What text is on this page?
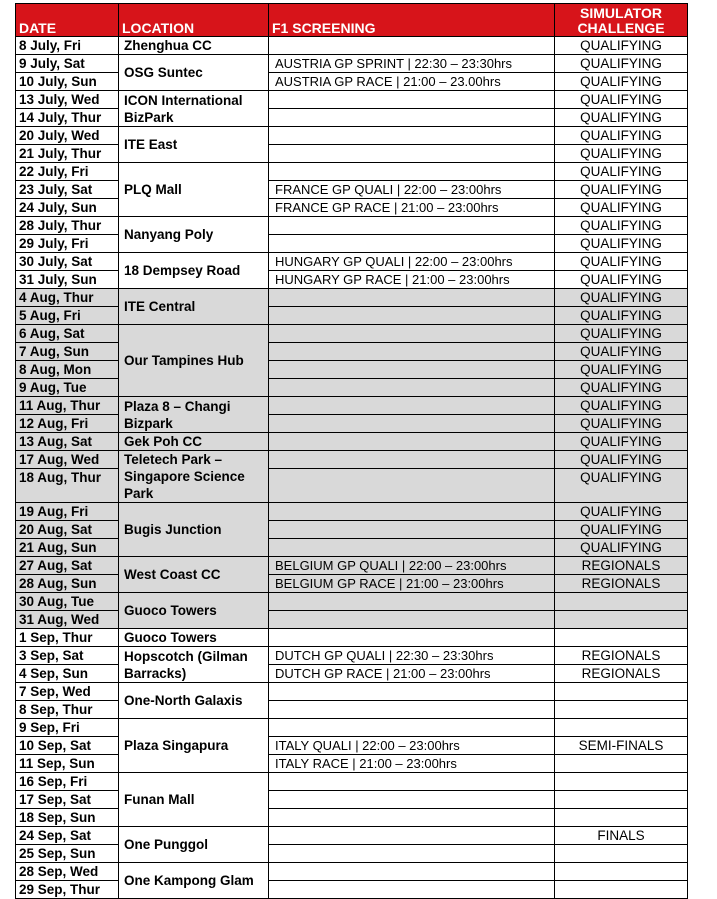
DATE	LOCATION	F1 SCREENING	SIMULATOR
CHALLENGE
8 July, Fri	Zhenghua CC		QUALIFYING
9 July, Sat	OSG Suntec	AUSTRIA GP SPRINT | 22:30 – 23:30hrs	QUALIFYING
10 July, Sun		AUSTRIA GP RACE | 21:00 – 23.00hrs	QUALIFYING
13 July, Wed	ICON International BizPark		QUALIFYING
14 July, Thur			QUALIFYING
20 July, Wed	ITE East		QUALIFYING
21 July, Thur			QUALIFYING
22 July, Fri	PLQ Mall		QUALIFYING
23 July, Sat		FRANCE GP QUALI | 22:00 – 23:00hrs	QUALIFYING
24 July, Sun		FRANCE GP RACE | 21:00 – 23:00hrs	QUALIFYING
28 July, Thur	Nanyang Poly		QUALIFYING
29 July, Fri			QUALIFYING
30 July, Sat	18 Dempsey Road	HUNGARY GP QUALI | 22:00 – 23:00hrs	QUALIFYING
31 July, Sun		HUNGARY GP RACE | 21:00 – 23:00hrs	QUALIFYING
4 Aug, Thur	ITE Central		QUALIFYING
5 Aug, Fri			QUALIFYING
6 Aug, Sat	Our Tampines Hub		QUALIFYING
7 Aug, Sun			QUALIFYING
8 Aug, Mon			QUALIFYING
9 Aug, Tue			QUALIFYING
11 Aug, Thur	Plaza 8 – Changi Bizpark		QUALIFYING
12 Aug, Fri			QUALIFYING
13 Aug, Sat	Gek Poh CC		QUALIFYING
17 Aug, Wed	Teletech Park – Singapore Science Park		QUALIFYING
18 Aug, Thur			QUALIFYING
19 Aug, Fri	Bugis Junction		QUALIFYING
20 Aug, Sat			QUALIFYING
21 Aug, Sun			QUALIFYING
27 Aug, Sat	West Coast CC	BELGIUM GP QUALI | 22:00 – 23:00hrs	REGIONALS
28 Aug, Sun		BELGIUM GP RACE | 21:00 – 23:00hrs	REGIONALS
30 Aug, Tue	Guoco Towers		
31 Aug, Wed			
1 Sep, Thur	Guoco Towers		
3 Sep, Sat	Hopscotch (Gilman Barracks)	DUTCH GP QUALI | 22:30 – 23:30hrs	REGIONALS
4 Sep, Sun		DUTCH GP RACE | 21:00 – 23:00hrs	REGIONALS
7 Sep, Wed	One-North Galaxis		
8 Sep, Thur			
9 Sep, Fri	Plaza Singapura		
10 Sep, Sat		ITALY QUALI | 22:00 – 23:00hrs	SEMI-FINALS
11 Sep, Sun		ITALY RACE | 21:00 – 23:00hrs	
16 Sep, Fri	Funan Mall		
17 Sep, Sat			
18 Sep, Sun			
24 Sep, Sat	One Punggol		FINALS
25 Sep, Sun			
28 Sep, Wed	One Kampong Glam		
29 Sep, Thur			
